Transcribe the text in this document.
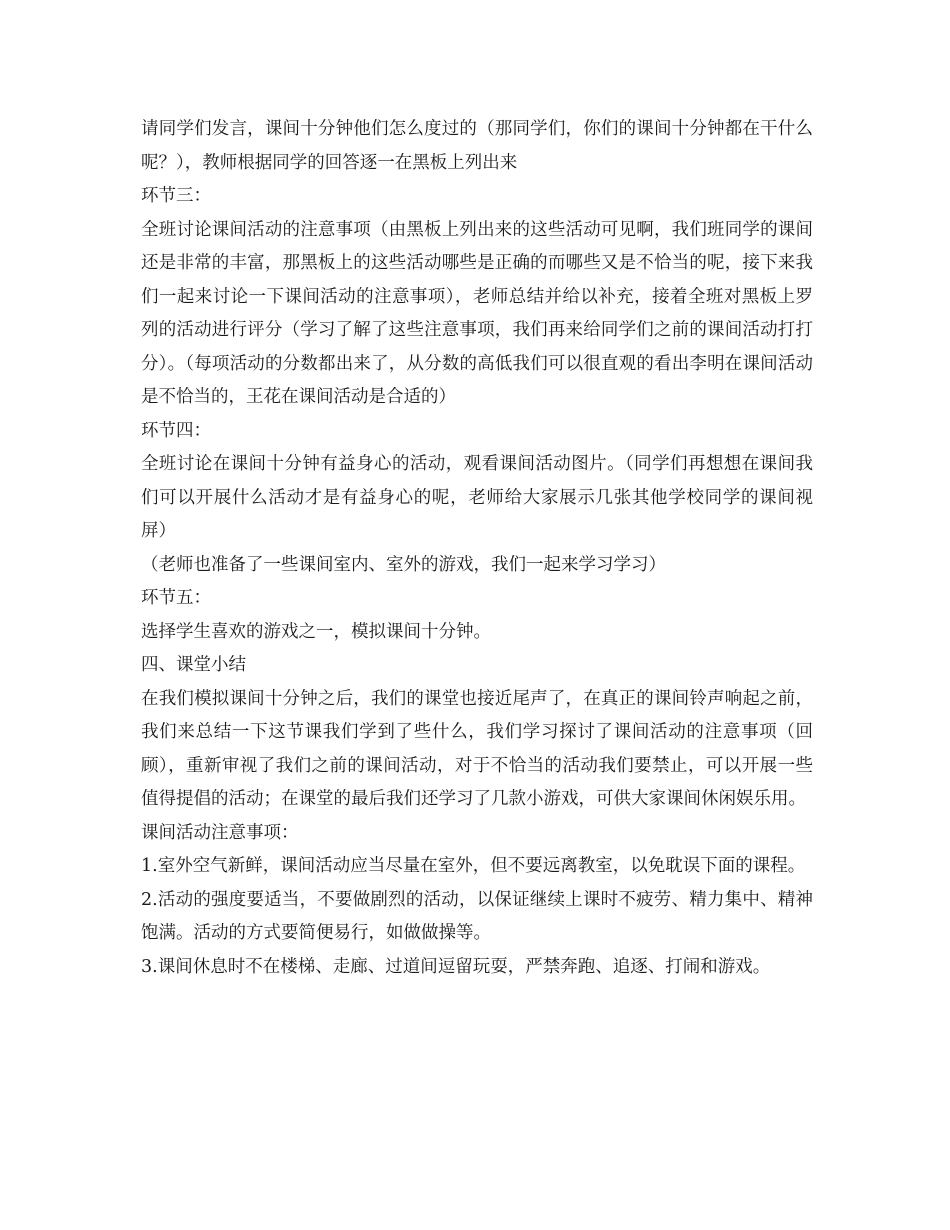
请同学们发言，课间十分钟他们怎么度过的（那同学们，你们的课间十分钟都在干什么呢？），教师根据同学的回答逐一在黑板上列出来

环节三：

全班讨论课间活动的注意事项（由黑板上列出来的这些活动可见啊，我们班同学的课间还是非常的丰富，那黑板上的这些活动哪些是正确的而哪些又是不恰当的呢，接下来我们一起来讨论一下课间活动的注意事项），老师总结并给以补充，接着全班对黑板上罗列的活动进行评分（学习了解了这些注意事项，我们再来给同学们之前的课间活动打打分）。（每项活动的分数都出来了，从分数的高低我们可以很直观的看出李明在课间活动是不恰当的，王花在课间活动是合适的）

环节四：

全班讨论在课间十分钟有益身心的活动，观看课间活动图片。（同学们再想想在课间我们可以开展什么活动才是有益身心的呢，老师给大家展示几张其他学校同学的课间视屏）

（老师也准备了一些课间室内、室外的游戏，我们一起来学习学习）

环节五：

选择学生喜欢的游戏之一，模拟课间十分钟。

四、课堂小结

在我们模拟课间十分钟之后，我们的课堂也接近尾声了，在真正的课间铃声响起之前，我们来总结一下这节课我们学到了些什么，我们学习探讨了课间活动的注意事项（回顾），重新审视了我们之前的课间活动，对于不恰当的活动我们要禁止，可以开展一些值得提倡的活动；在课堂的最后我们还学习了几款小游戏，可供大家课间休闲娱乐用。

课间活动注意事项：

1.室外空气新鲜，课间活动应当尽量在室外，但不要远离教室，以免耽误下面的课程。

2.活动的强度要适当，不要做剧烈的活动，以保证继续上课时不疲劳、精力集中、精神饱满。活动的方式要简便易行，如做做操等。

3.课间休息时不在楼梯、走廊、过道间逗留玩耍，严禁奔跑、追逐、打闹和游戏。
